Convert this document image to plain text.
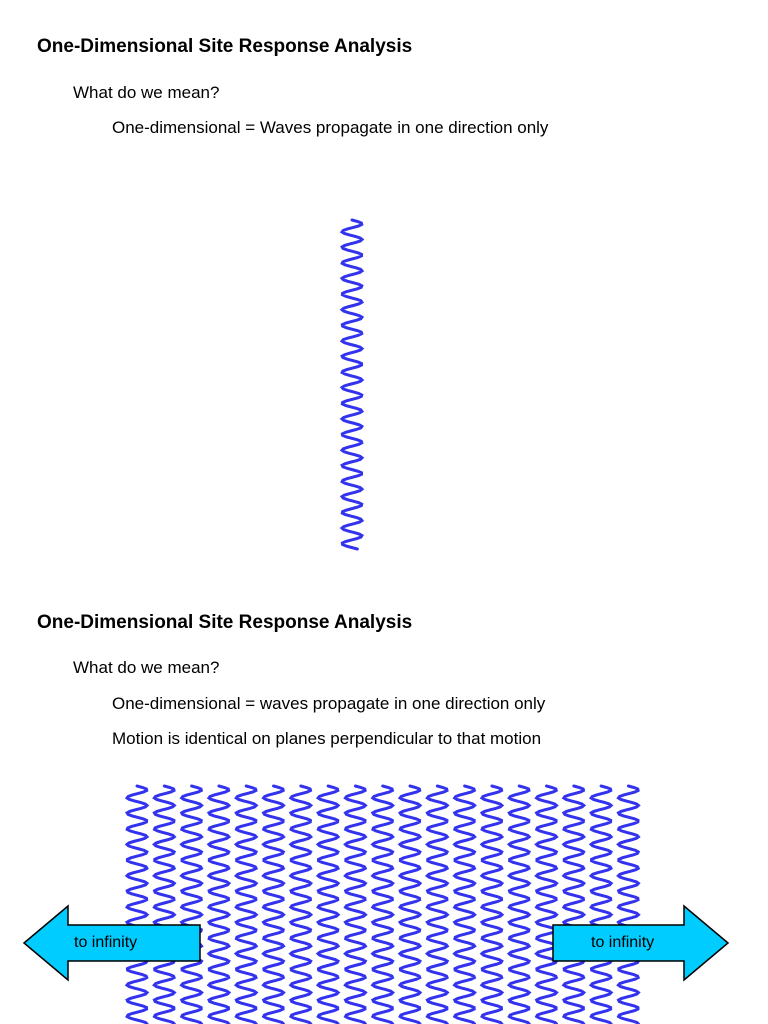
One-Dimensional Site Response Analysis
What do we mean?
One-dimensional = Waves propagate in one direction only
One-Dimensional Site Response Analysis
What do we mean?
One-dimensional = waves propagate in one direction only
Motion is identical on planes perpendicular to that motion
to infinity	to infinity
